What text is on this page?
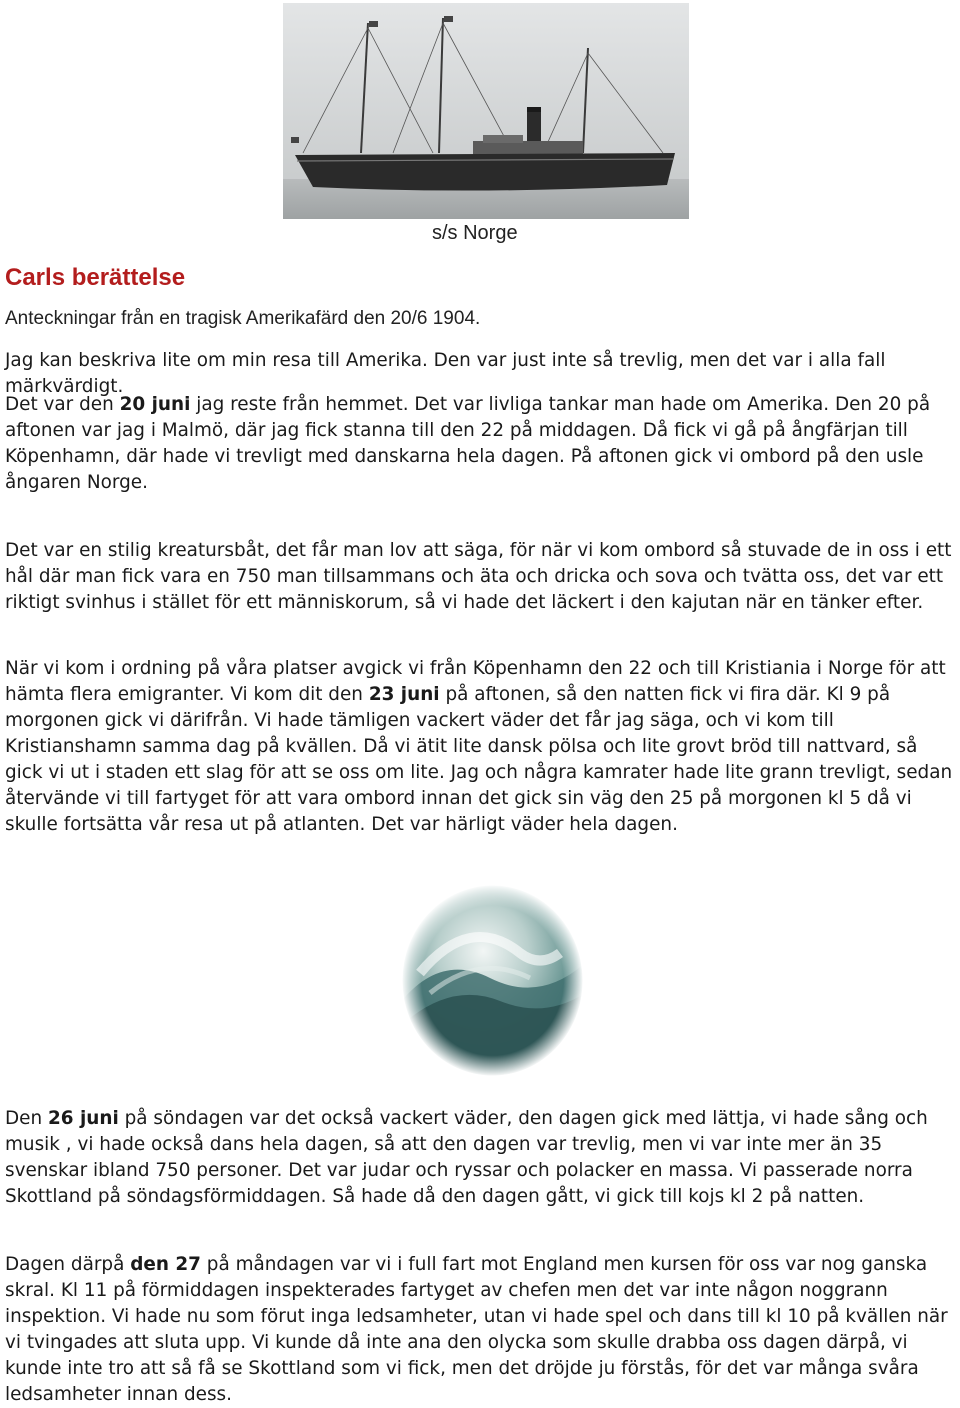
s/s Norge
Carls berättelse
Anteckningar från en tragisk Amerikafärd den 20/6 1904.

Jag kan beskriva lite om min resa till Amerika. Den var just inte så trevlig, men det var i alla fall märkvärdigt.

Det var den 20 juni jag reste från hemmet. Det var livliga tankar man hade om Amerika. Den 20 på aftonen var jag i Malmö, där jag fick stanna till den 22 på middagen. Då fick vi gå på ångfärjan till Köpenhamn, där hade vi trevligt med danskarna hela dagen. På aftonen gick vi ombord på den usle ångaren Norge.

Det var en stilig kreatursbåt, det får man lov att säga, för när vi kom ombord så stuvade de in oss i ett hål där man fick vara en 750 man tillsammans och äta och dricka och sova och tvätta oss, det var ett riktigt svinhus i stället för ett människorum, så vi hade det läckert i den kajutan när en tänker efter.

När vi kom i ordning på våra platser avgick vi från Köpenhamn den 22 och till Kristiania i Norge för att hämta flera emigranter. Vi kom dit den 23 juni på aftonen, så den natten fick vi fira där. Kl 9 på morgonen gick vi därifrån. Vi hade tämligen vackert väder det får jag säga, och vi kom till Kristianshamn samma dag på kvällen. Då vi ätit lite dansk pölsa och lite grovt bröd till nattvard, så gick vi ut i staden ett slag för att se oss om lite. Jag och några kamrater hade lite grann trevligt, sedan återvände vi till fartyget för att vara ombord innan det gick sin väg den 25 på morgonen kl 5 då vi skulle fortsätta vår resa ut på atlanten. Det var härligt väder hela dagen.

Den 26 juni på söndagen var det också vackert väder, den dagen gick med lättja, vi hade sång och musik , vi hade också dans hela dagen, så att den dagen var trevlig, men vi var inte mer än 35 svenskar ibland 750 personer. Det var judar och ryssar och polacker en massa. Vi passerade norra Skottland på söndagsförmiddagen. Så hade då den dagen gått, vi gick till kojs kl 2 på natten.

Dagen därpå den 27 på måndagen var vi i full fart mot England men kursen för oss var nog ganska skral. Kl 11 på förmiddagen inspekterades fartyget av chefen men det var inte någon noggrann inspektion. Vi hade nu som förut inga ledsamheter, utan vi hade spel och dans till kl 10 på kvällen när vi tvingades att sluta upp. Vi kunde då inte ana den olycka som skulle drabba oss dagen därpå, vi kunde inte tro att så få se Skottland som vi fick, men det dröjde ju förstås, för det var många svåra ledsamheter innan dess.
